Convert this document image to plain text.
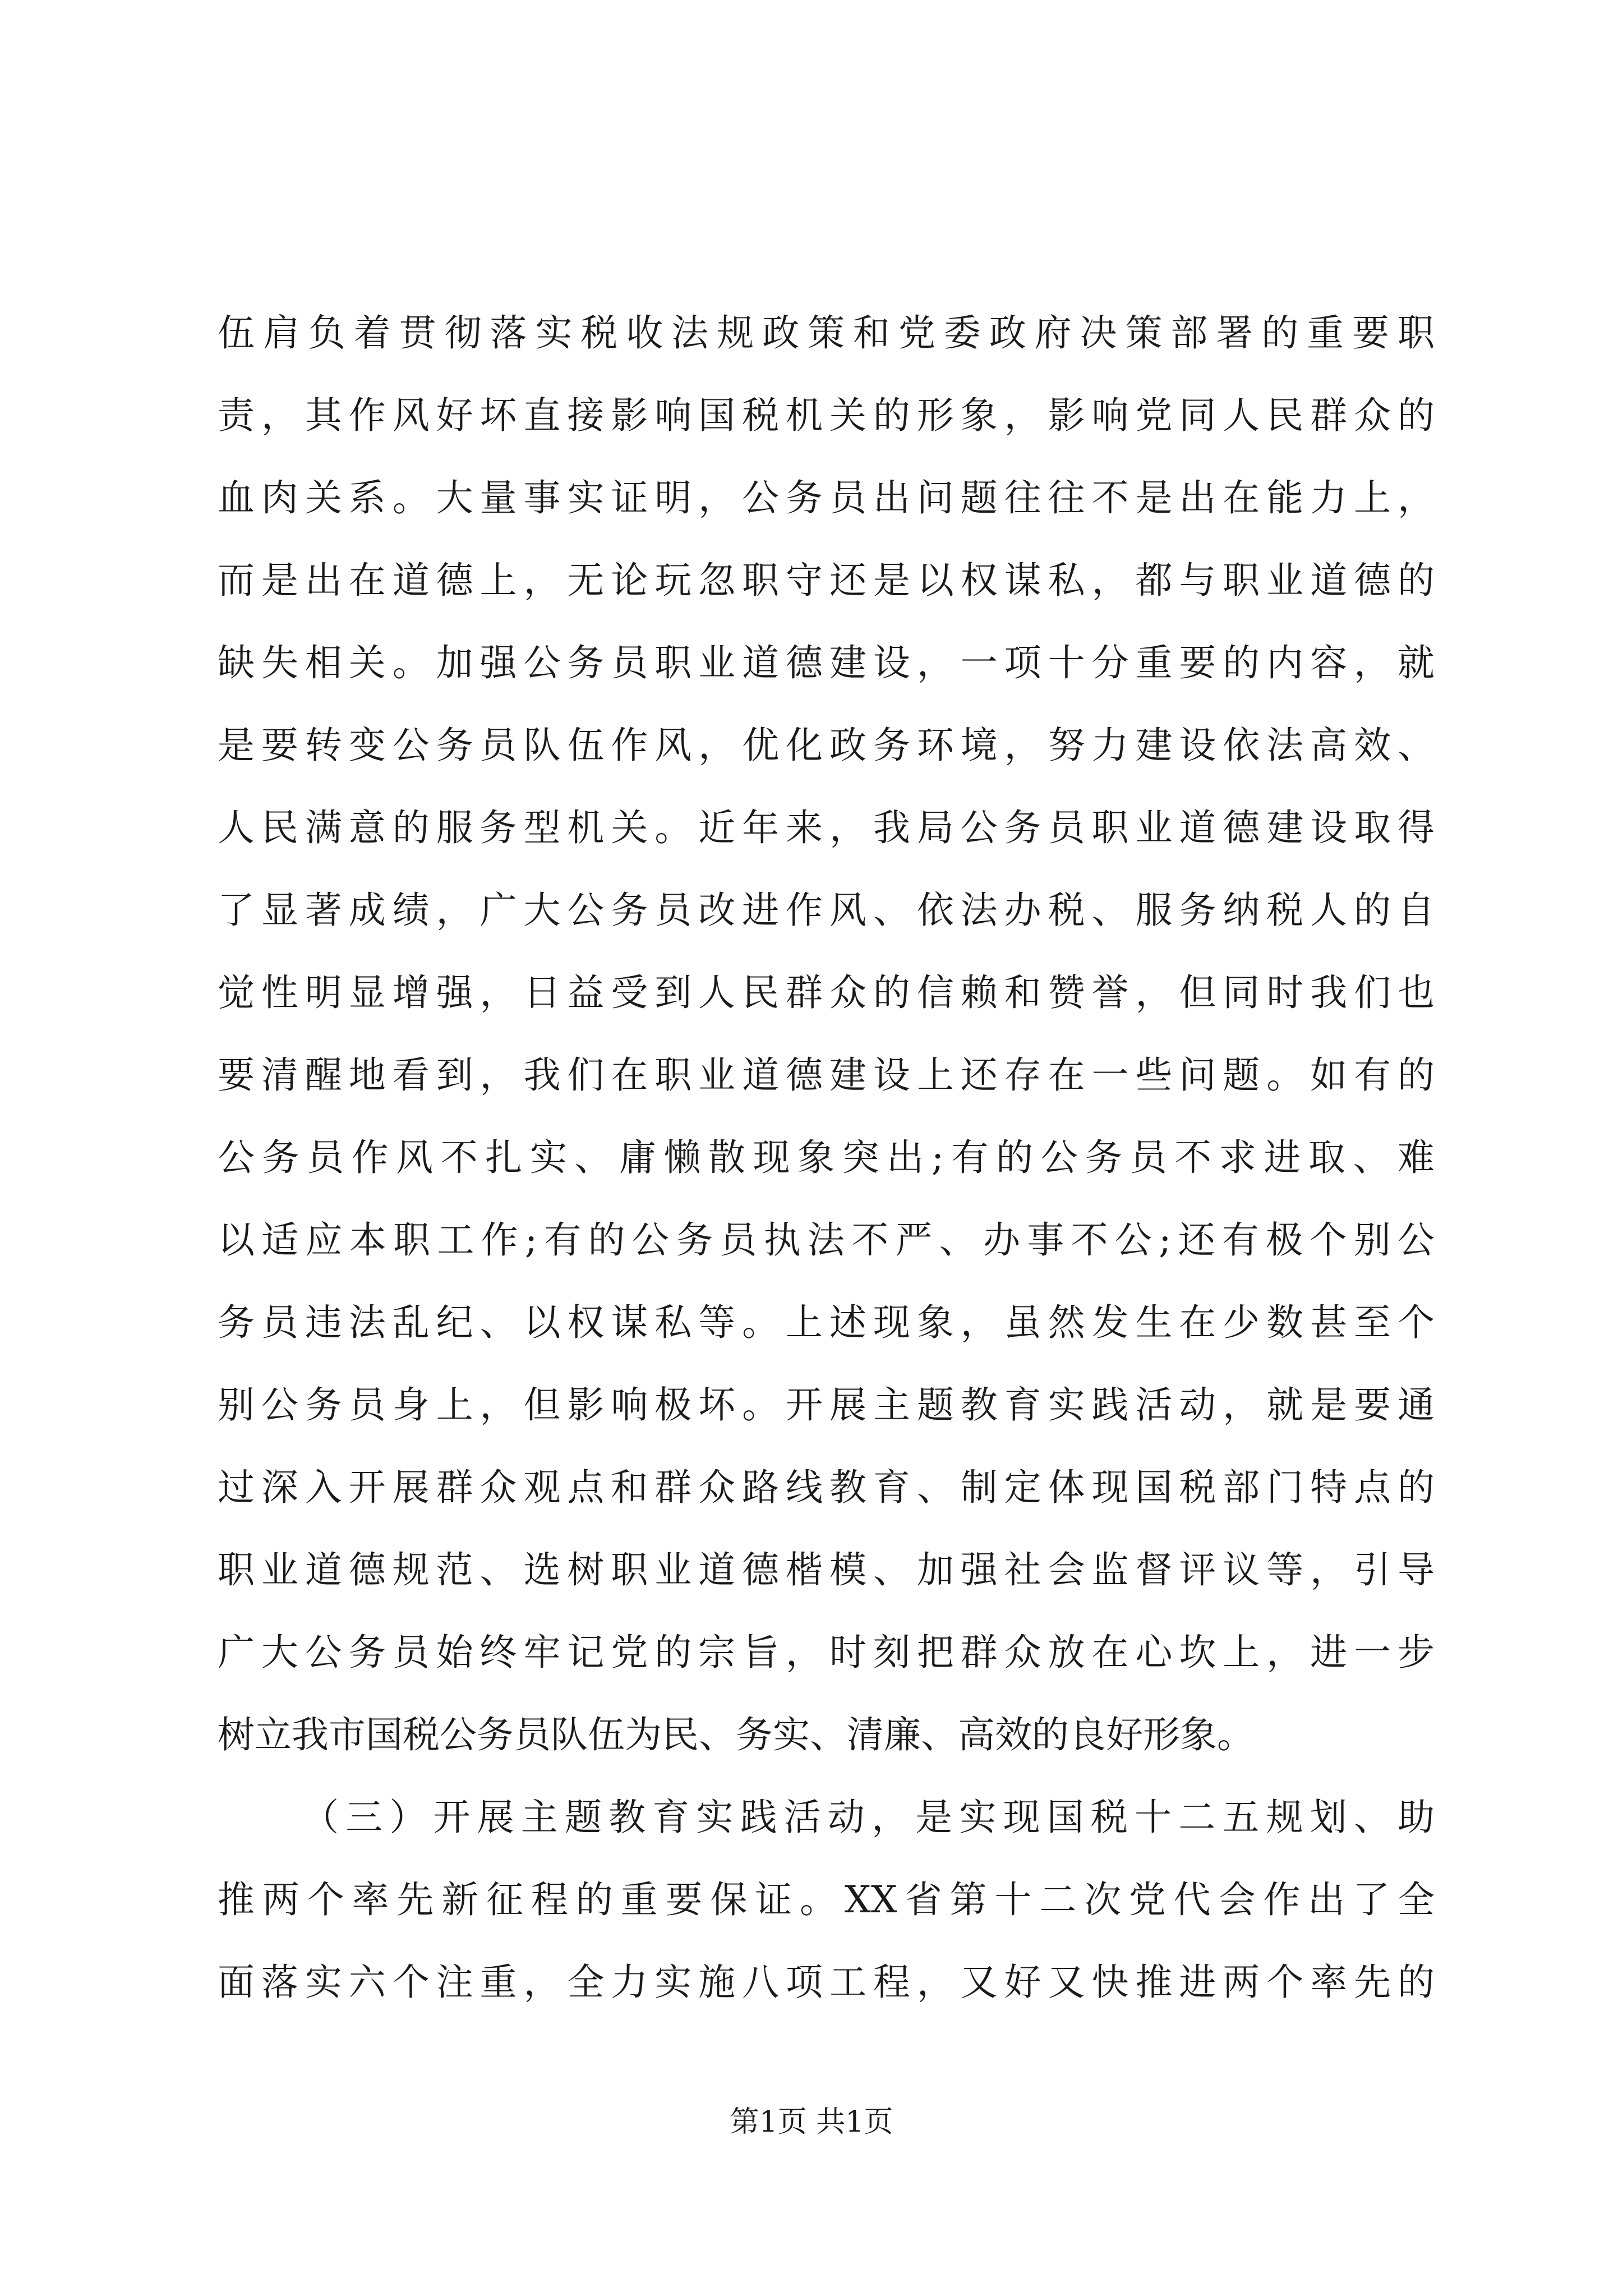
伍肩负着贯彻落实税收法规政策和党委政府决策部署的重要职
责，其作风好坏直接影响国税机关的形象，影响党同人民群众的
血肉关系。大量事实证明，公务员出问题往往不是出在能力上，
而是出在道德上，无论玩忽职守还是以权谋私，都与职业道德的
缺失相关。加强公务员职业道德建设，一项十分重要的内容，就
是要转变公务员队伍作风，优化政务环境，努力建设依法高效、
人民满意的服务型机关。近年来，我局公务员职业道德建设取得
了显著成绩，广大公务员改进作风、依法办税、服务纳税人的自
觉性明显增强，日益受到人民群众的信赖和赞誉，但同时我们也
要清醒地看到，我们在职业道德建设上还存在一些问题。如有的
公务员作风不扎实、庸懒散现象突出;有的公务员不求进取、难
以适应本职工作;有的公务员执法不严、办事不公;还有极个别公
务员违法乱纪、以权谋私等。上述现象，虽然发生在少数甚至个
别公务员身上，但影响极坏。开展主题教育实践活动，就是要通
过深入开展群众观点和群众路线教育、制定体现国税部门特点的
职业道德规范、选树职业道德楷模、加强社会监督评议等，引导
广大公务员始终牢记党的宗旨，时刻把群众放在心坎上，进一步
树立我市国税公务员队伍为民、务实、清廉、高效的良好形象。
（三）开展主题教育实践活动，是实现国税十二五规划、助
推两个率先新征程的重要保证。XX省第十二次党代会作出了全
面落实六个注重，全力实施八项工程，又好又快推进两个率先的
第1页 共1页
